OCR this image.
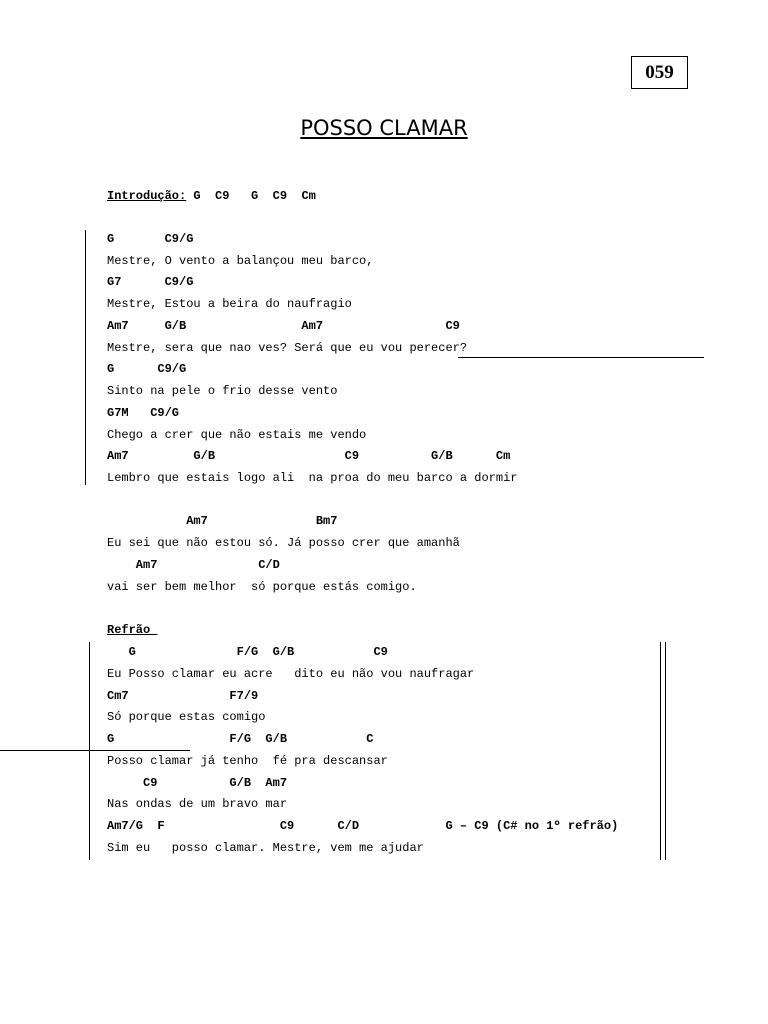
059
POSSO CLAMAR
Introdução: G  C9   G  C9  Cm
G       C9/G
Mestre, O vento a balançou meu barco,
G7      C9/G
Mestre, Estou a beira do naufragio
Am7     G/B                Am7                 C9
Mestre, sera que nao ves? Será que eu vou perecer?
G      C9/G
Sinto na pele o frio desse vento
G7M   C9/G
Chego a crer que não estais me vendo
Am7         G/B                  C9          G/B      Cm
Lembro que estais logo ali  na proa do meu barco a dormir
Am7               Bm7
Eu sei que não estou só. Já posso crer que amanhã
Am7              C/D
vai ser bem melhor  só porque estás comigo.
Refrão
G              F/G  G/B           C9
Eu Posso clamar eu acre   dito eu não vou naufragar
Cm7              F7/9
Só porque estas comigo
G                F/G  G/B           C
Posso clamar já tenho  fé pra descansar
C9          G/B  Am7
Nas ondas de um bravo mar
Am7/G  F                C9      C/D            G – C9 (C# no 1º refrão)
Sim eu   posso clamar. Mestre, vem me ajudar
